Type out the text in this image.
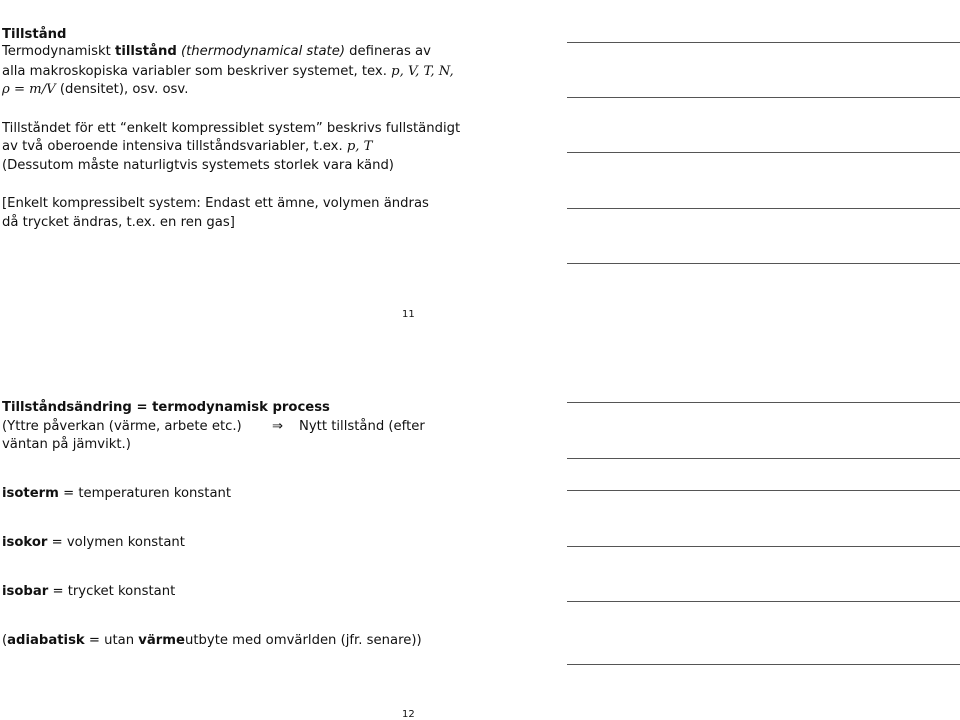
Tillstånd
Termodynamiskt tillstånd (thermodynamical state) defineras av
alla makroskopiska variabler som beskriver systemet, tex. p, V, T, N,
ρ = m/V (densitet), osv. osv.
Tillståndet för ett “enkelt kompressiblet system” beskrivs fullständigt
av två oberoende intensiva tillståndsvariabler, t.ex. p, T
(Dessutom måste naturligtvis systemets storlek vara känd)
[Enkelt kompressibelt system: Endast ett ämne, volymen ändras
då trycket ändras, t.ex. en ren gas]
11
Tillståndsändring = termodynamisk process
(Yttre påverkan (värme, arbete etc.) ⇒ Nytt tillstånd (efter
väntan på jämvikt.)
isoterm = temperaturen konstant
isokor = volymen konstant
isobar = trycket konstant
(adiabatisk = utan värmeutbyte med omvärlden (jfr. senare))
12
